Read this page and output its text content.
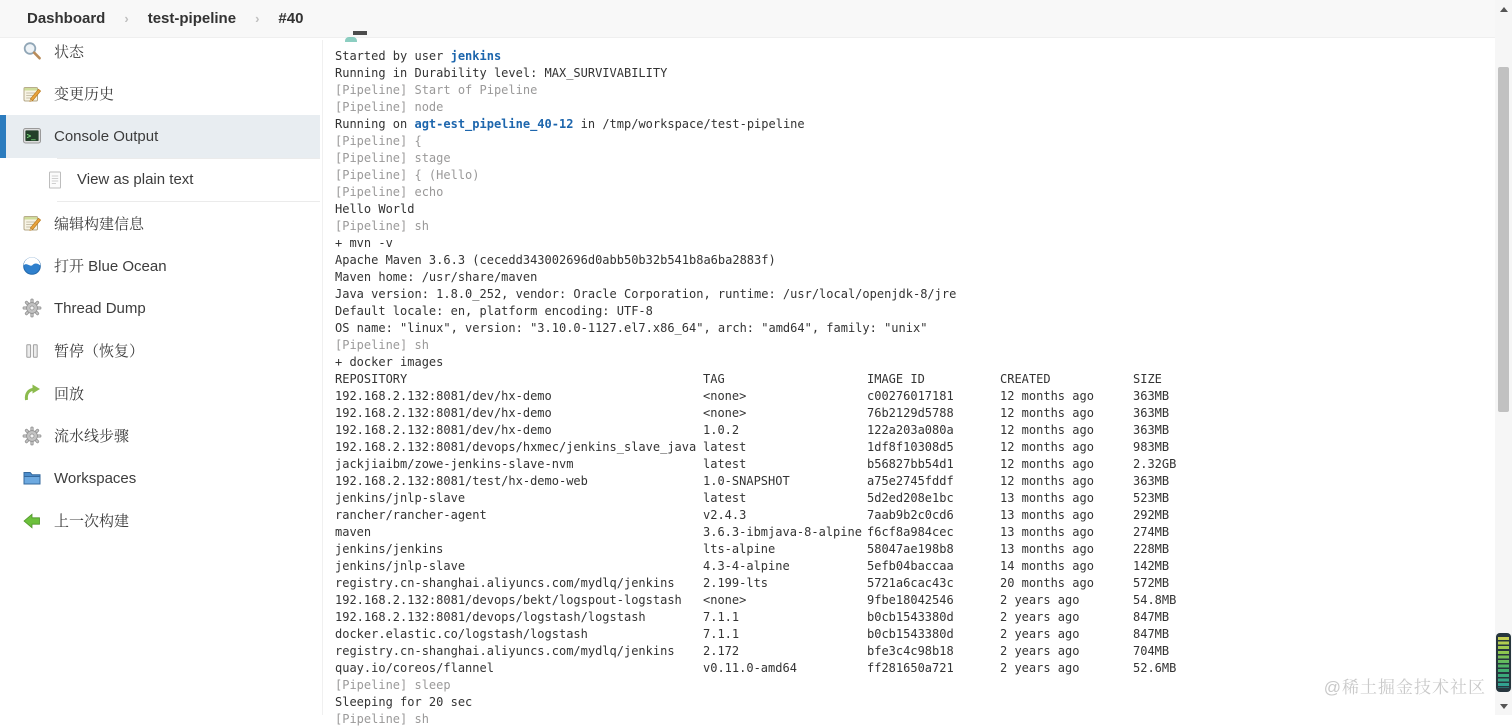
Dashboard › test-pipeline › #40
状态
变更历史
>_ Console Output
View as plain text
编辑构建信息
打开 Blue Ocean
Thread Dump
暂停（恢复）
回放
流水线步骤
Workspaces
上一次构建
Started by user jenkins
Running in Durability level: MAX_SURVIVABILITY
[Pipeline] Start of Pipeline
[Pipeline] node
Running on agt-est_pipeline_40-12 in /tmp/workspace/test-pipeline
[Pipeline] {
[Pipeline] stage
[Pipeline] { (Hello)
[Pipeline] echo
Hello World
[Pipeline] sh
+ mvn -v
Apache Maven 3.6.3 (cecedd343002696d0abb50b32b541b8a6ba2883f)
Maven home: /usr/share/maven
Java version: 1.8.0_252, vendor: Oracle Corporation, runtime: /usr/local/openjdk-8/jre
Default locale: en, platform encoding: UTF-8
OS name: "linux", version: "3.10.0-1127.el7.x86_64", arch: "amd64", family: "unix"
[Pipeline] sh
+ docker images
REPOSITORY	TAG	IMAGE ID	CREATED	SIZE
192.168.2.132:8081/dev/hx-demo	<none>	c00276017181	12 months ago	363MB
192.168.2.132:8081/dev/hx-demo	<none>	76b2129d5788	12 months ago	363MB
192.168.2.132:8081/dev/hx-demo	1.0.2	122a203a080a	12 months ago	363MB
192.168.2.132:8081/devops/hxmec/jenkins_slave_java latest	1df8f10308d5	12 months ago	983MB
jackjiaibm/zowe-jenkins-slave-nvm	latest	b56827bb54d1	12 months ago	2.32GB
192.168.2.132:8081/test/hx-demo-web	1.0-SNAPSHOT	a75e2745fddf	12 months ago	363MB
jenkins/jnlp-slave	latest	5d2ed208e1bc	13 months ago	523MB
rancher/rancher-agent	v2.4.3	7aab9b2c0cd6	13 months ago	292MB
maven	3.6.3-ibmjava-8-alpine f6cf8a984cec	13 months ago	274MB
jenkins/jenkins	lts-alpine	58047ae198b8	13 months ago	228MB
jenkins/jnlp-slave	4.3-4-alpine	5efb04baccaa	14 months ago	142MB
registry.cn-shanghai.aliyuncs.com/mydlq/jenkins	2.199-lts	5721a6cac43c	20 months ago	572MB
192.168.2.132:8081/devops/bekt/logspout-logstash	<none>	9fbe18042546	2 years ago	54.8MB
192.168.2.132:8081/devops/logstash/logstash	7.1.1	b0cb1543380d	2 years ago	847MB
docker.elastic.co/logstash/logstash	7.1.1	b0cb1543380d	2 years ago	847MB
registry.cn-shanghai.aliyuncs.com/mydlq/jenkins	2.172	bfe3c4c98b18	2 years ago	704MB
quay.io/coreos/flannel	v0.11.0-amd64	ff281650a721	2 years ago	52.6MB
[Pipeline] sleep
Sleeping for 20 sec
[Pipeline] sh
@稀土掘金技术社区
